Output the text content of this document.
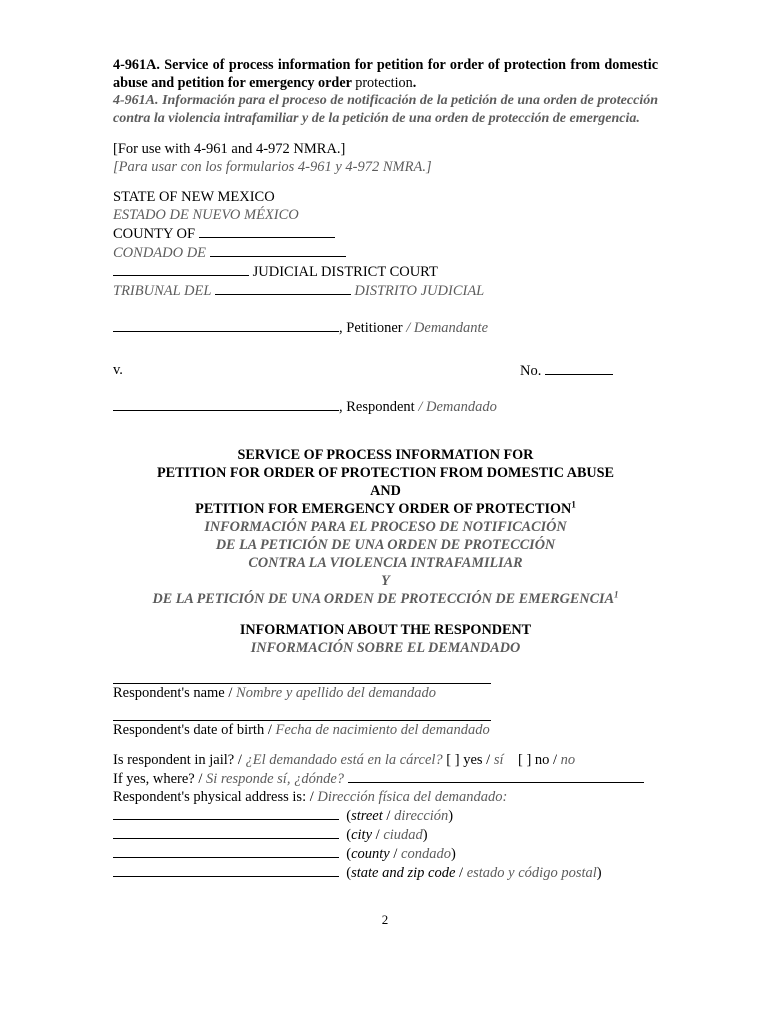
4-961A. Service of process information for petition for order of protection from domestic abuse and petition for emergency order protection.
4-961A. Información para el proceso de notificación de la petición de una orden de protección contra la violencia intrafamiliar y de la petición de una orden de protección de emergencia.
[For use with 4-961 and 4-972 NMRA.]
[Para usar con los formularios 4-961 y 4-972 NMRA.]
STATE OF NEW MEXICO
ESTADO DE NUEVO MÉXICO
COUNTY OF
CONDADO DE
JUDICIAL DISTRICT COURT
TRIBUNAL DEL	DISTRITO JUDICIAL
, Petitioner / Demandante
v.	No.
, Respondent / Demandado
SERVICE OF PROCESS INFORMATION FOR
PETITION FOR ORDER OF PROTECTION FROM DOMESTIC ABUSE
AND
PETITION FOR EMERGENCY ORDER OF PROTECTION$^1$
INFORMACIÓN PARA EL PROCESO DE NOTIFICACIÓN
DE LA PETICIÓN DE UNA ORDEN DE PROTECCIÓN
CONTRA LA VIOLENCIA INTRAFAMILIAR
Y
DE LA PETICIÓN DE UNA ORDEN DE PROTECCIÓN DE EMERGENCIA$^1$
INFORMATION ABOUT THE RESPONDENT
INFORMACIÓN SOBRE EL DEMANDADO
Respondent's name / Nombre y apellido del demandado
Respondent's date of birth / Fecha de nacimiento del demandado
Is respondent in jail? / ¿El demandado está en la cárcel? [ ] yes / sí [ ] no / no
If yes, where? / Si responde sí, ¿dónde?
Respondent's physical address is: / Dirección física del demandado:
(street / dirección)
(city / ciudad)
(county / condado)
(state and zip code / estado y código postal)
2
